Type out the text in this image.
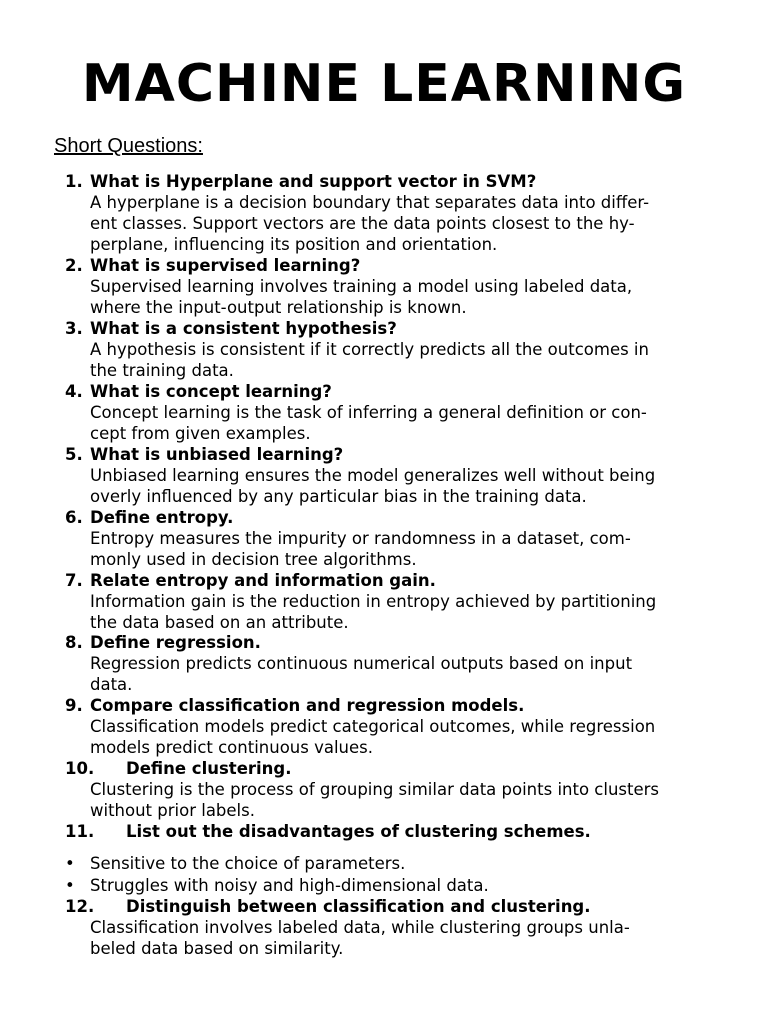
MACHINE LEARNING
Short Questions:
1. What is Hyperplane and support vector in SVM?
A hyperplane is a decision boundary that separates data into differ-
ent classes. Support vectors are the data points closest to the hy-
perplane, influencing its position and orientation.
2. What is supervised learning?
Supervised learning involves training a model using labeled data,
where the input-output relationship is known.
3. What is a consistent hypothesis?
A hypothesis is consistent if it correctly predicts all the outcomes in
the training data.
4. What is concept learning?
Concept learning is the task of inferring a general definition or con-
cept from given examples.
5. What is unbiased learning?
Unbiased learning ensures the model generalizes well without being
overly influenced by any particular bias in the training data.
6. Define entropy.
Entropy measures the impurity or randomness in a dataset, com-
monly used in decision tree algorithms.
7. Relate entropy and information gain.
Information gain is the reduction in entropy achieved by partitioning
the data based on an attribute.
8. Define regression.
Regression predicts continuous numerical outputs based on input
data.
9. Compare classification and regression models.
Classification models predict categorical outcomes, while regression
models predict continuous values.
10. Define clustering.
Clustering is the process of grouping similar data points into clusters
without prior labels.
11. List out the disadvantages of clustering schemes.
• Sensitive to the choice of parameters.
• Struggles with noisy and high-dimensional data.
12. Distinguish between classification and clustering.
Classification involves labeled data, while clustering groups unla-
beled data based on similarity.
